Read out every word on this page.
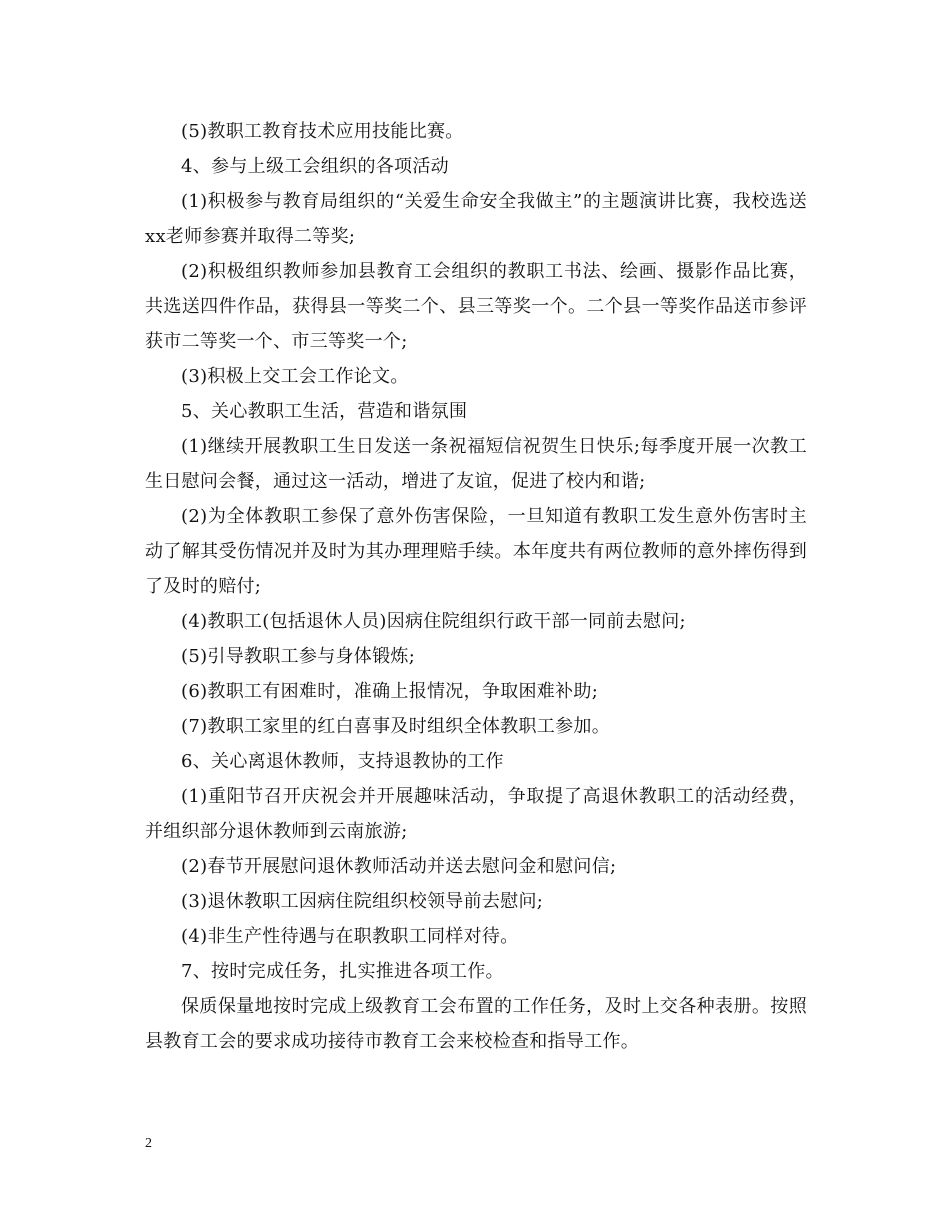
(5)教职工教育技术应用技能比赛。

4、参与上级工会组织的各项活动

(1)积极参与教育局组织的“关爱生命安全我做主”的主题演讲比赛，我校选送xx老师参赛并取得二等奖;

(2)积极组织教师参加县教育工会组织的教职工书法、绘画、摄影作品比赛，共选送四件作品，获得县一等奖二个、县三等奖一个。二个县一等奖作品送市参评获市二等奖一个、市三等奖一个;

(3)积极上交工会工作论文。

5、关心教职工生活，营造和谐氛围

(1)继续开展教职工生日发送一条祝福短信祝贺生日快乐;每季度开展一次教工生日慰问会餐，通过这一活动，增进了友谊，促进了校内和谐;

(2)为全体教职工参保了意外伤害保险，一旦知道有教职工发生意外伤害时主动了解其受伤情况并及时为其办理理赔手续。本年度共有两位教师的意外摔伤得到了及时的赔付;

(4)教职工(包括退休人员)因病住院组织行政干部一同前去慰问;

(5)引导教职工参与身体锻炼;

(6)教职工有困难时，准确上报情况，争取困难补助;

(7)教职工家里的红白喜事及时组织全体教职工参加。

6、关心离退休教师，支持退教协的工作

(1)重阳节召开庆祝会并开展趣味活动，争取提了高退休教职工的活动经费，并组织部分退休教师到云南旅游;

(2)春节开展慰问退休教师活动并送去慰问金和慰问信;

(3)退休教职工因病住院组织校领导前去慰问;

(4)非生产性待遇与在职教职工同样对待。

7、按时完成任务，扎实推进各项工作。

保质保量地按时完成上级教育工会布置的工作任务，及时上交各种表册。按照县教育工会的要求成功接待市教育工会来校检查和指导工作。

2
